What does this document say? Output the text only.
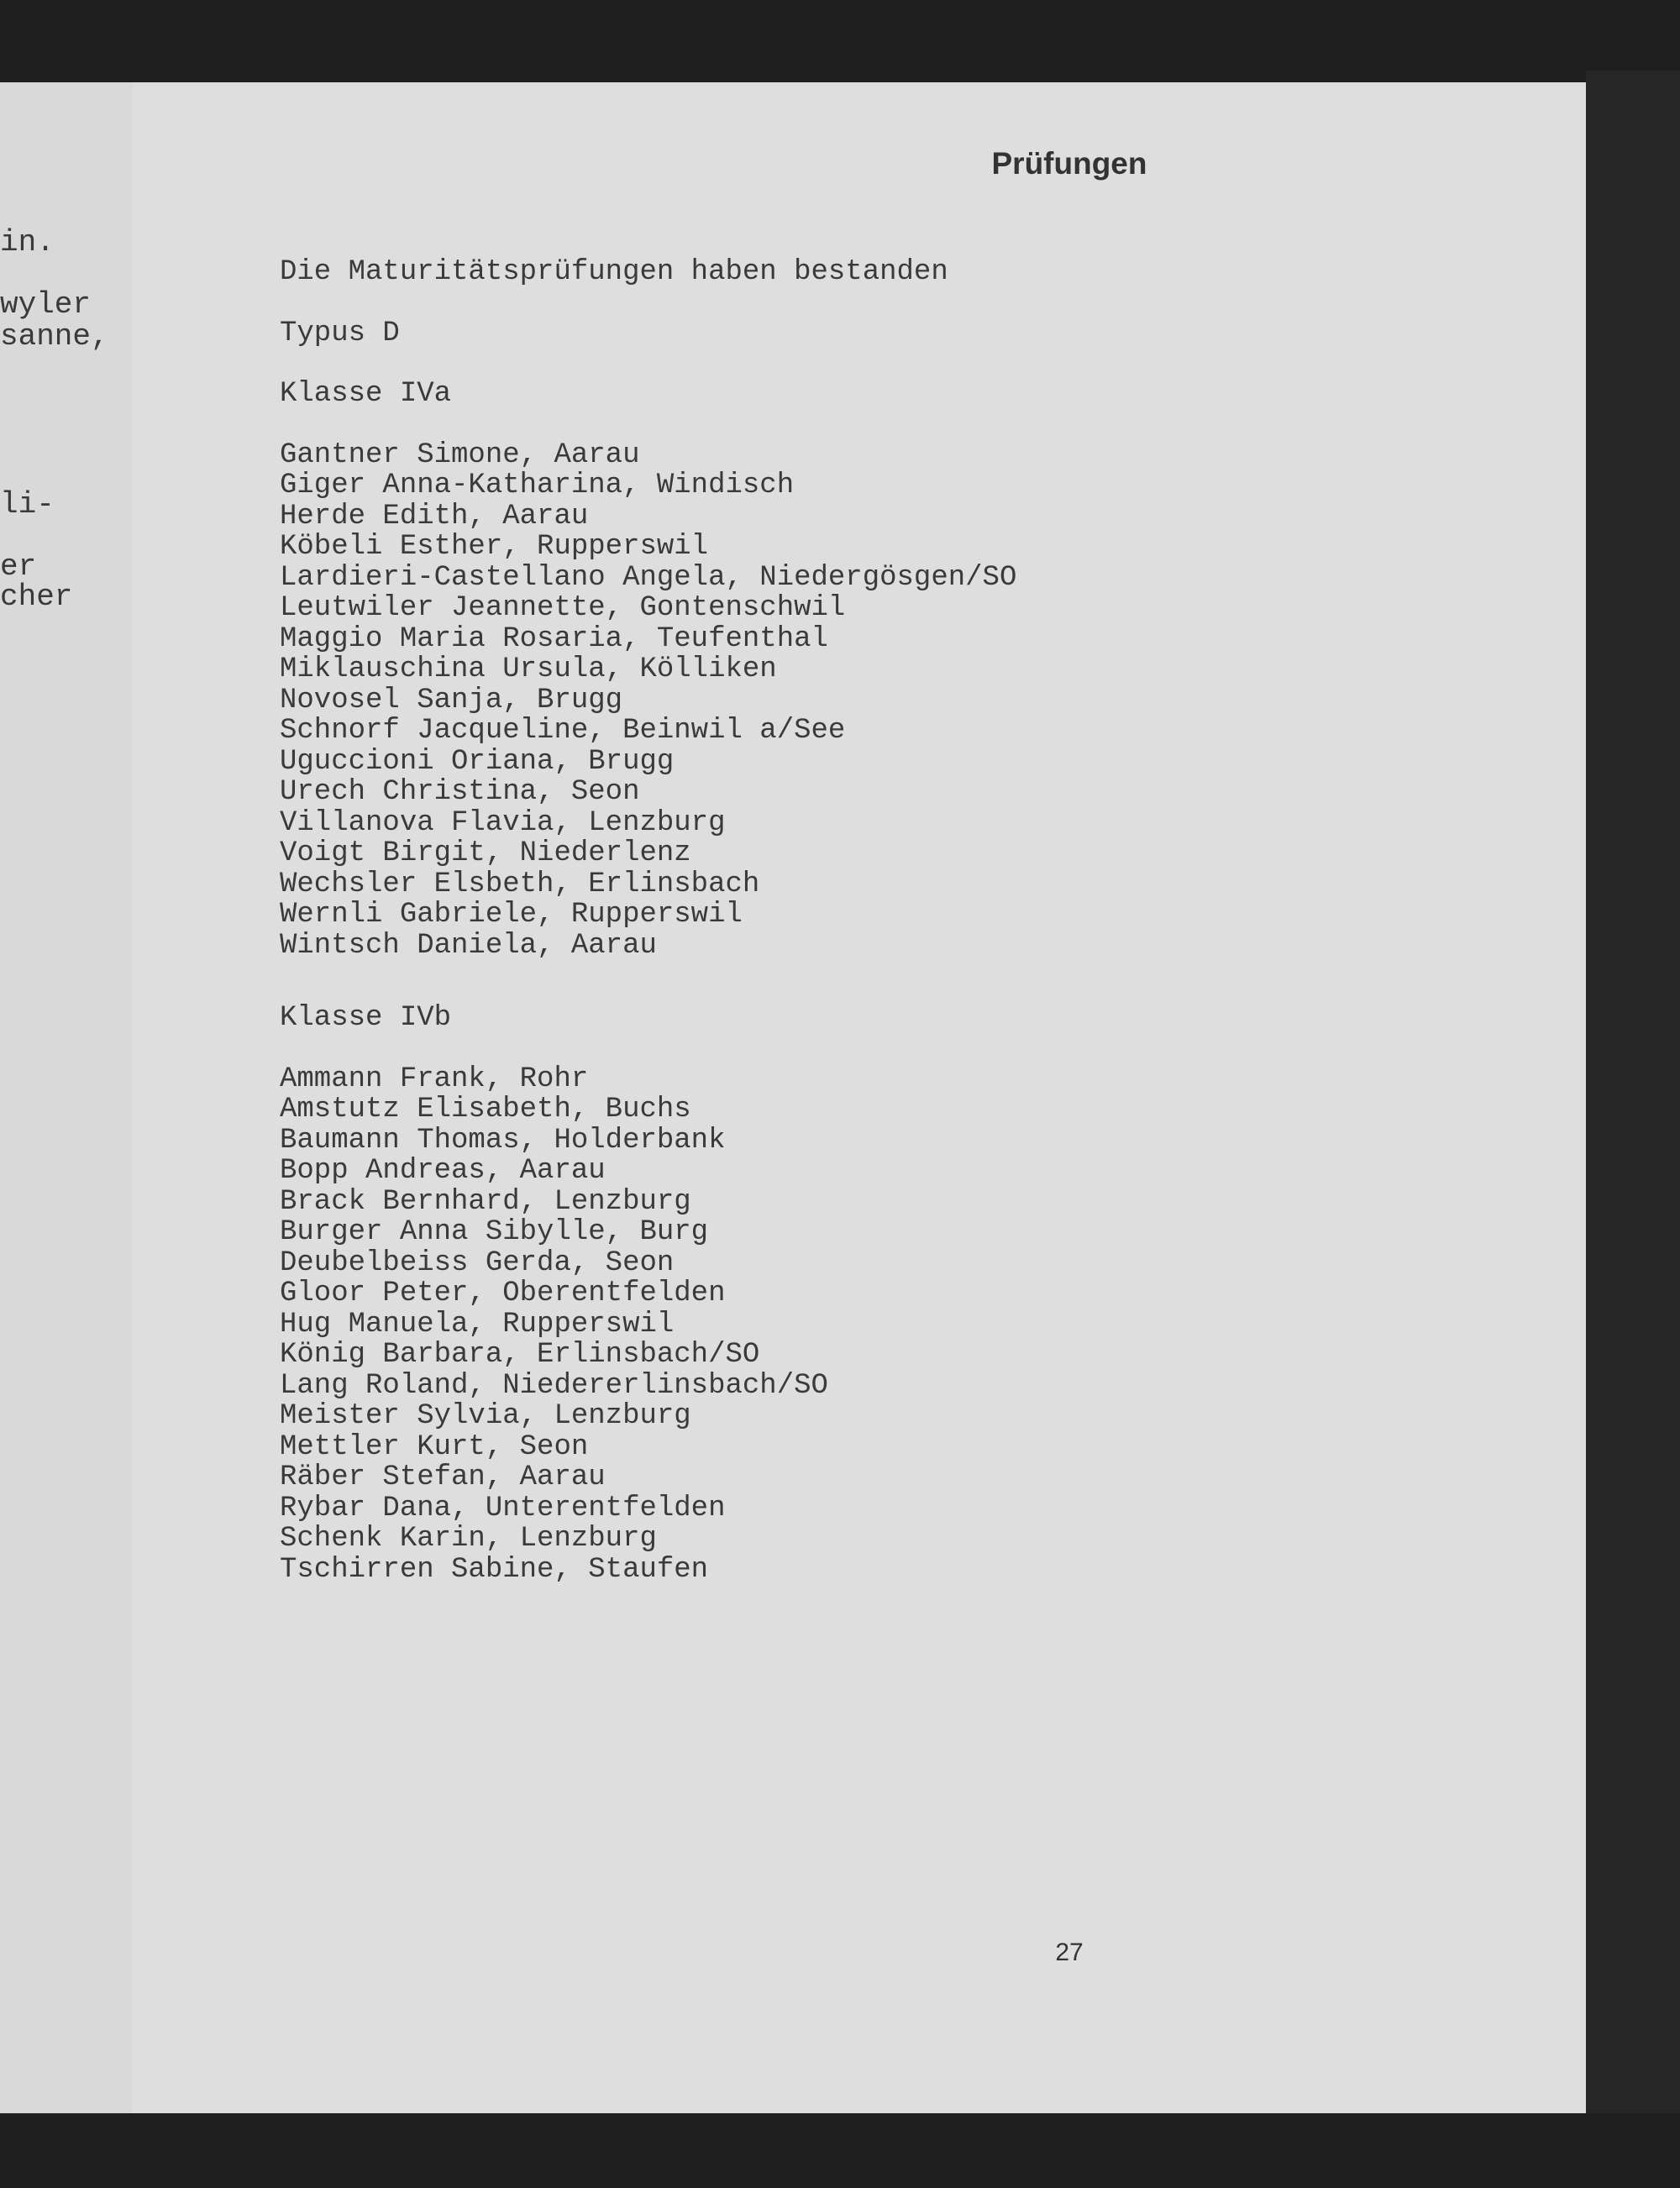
in.
wyler
sanne,
li-
er
cher
Prüfungen

Die Maturitätsprüfungen haben bestanden

Typus D

Klasse IVa

Gantner Simone, Aarau
Giger Anna-Katharina, Windisch
Herde Edith, Aarau
Köbeli Esther, Rupperswil
Lardieri-Castellano Angela, Niedergösgen/SO
Leutwiler Jeannette, Gontenschwil
Maggio Maria Rosaria, Teufenthal
Miklauschina Ursula, Kölliken
Novosel Sanja, Brugg
Schnorf Jacqueline, Beinwil a/See
Uguccioni Oriana, Brugg
Urech Christina, Seon
Villanova Flavia, Lenzburg
Voigt Birgit, Niederlenz
Wechsler Elsbeth, Erlinsbach
Wernli Gabriele, Rupperswil
Wintsch Daniela, Aarau

Klasse IVb

Ammann Frank, Rohr
Amstutz Elisabeth, Buchs
Baumann Thomas, Holderbank
Bopp Andreas, Aarau
Brack Bernhard, Lenzburg
Burger Anna Sibylle, Burg
Deubelbeiss Gerda, Seon
Gloor Peter, Oberentfelden
Hug Manuela, Rupperswil
König Barbara, Erlinsbach/SO
Lang Roland, Niedererlinsbach/SO
Meister Sylvia, Lenzburg
Mettler Kurt, Seon
Räber Stefan, Aarau
Rybar Dana, Unterentfelden
Schenk Karin, Lenzburg
Tschirren Sabine, Staufen
27
